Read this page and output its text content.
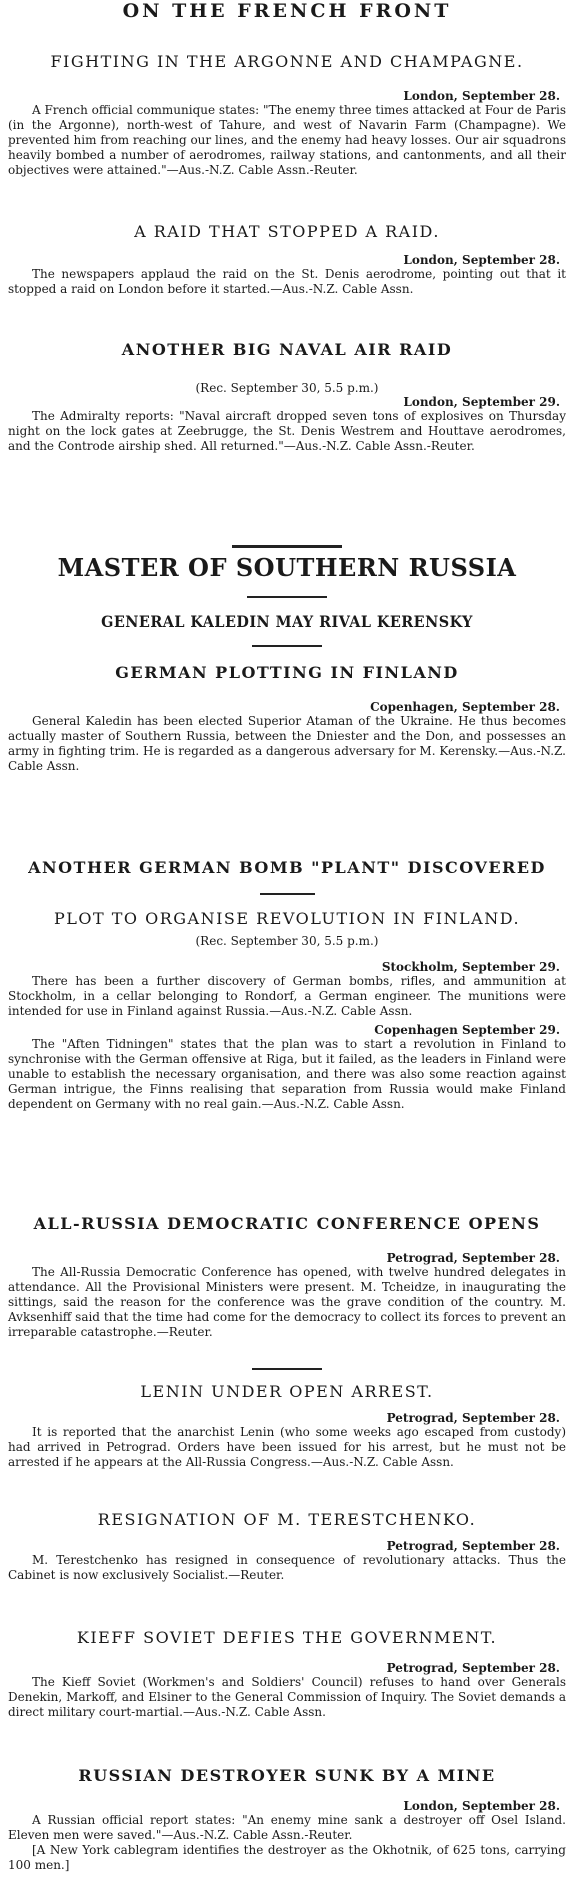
ON THE FRENCH FRONT

FIGHTING IN THE ARGONNE AND CHAMPAGNE.

London, September 28.

A French official communique states: "The enemy three times attacked at Four de Paris (in the Argonne), north-west of Tahure, and west of Navarin Farm (Champagne). We prevented him from reaching our lines, and the enemy had heavy losses. Our air squadrons heavily bombed a number of aerodromes, railway stations, and cantonments, and all their objectives were attained."—Aus.-N.Z. Cable Assn.-Reuter.

A RAID THAT STOPPED A RAID.

London, September 28.

The newspapers applaud the raid on the St. Denis aerodrome, pointing out that it stopped a raid on London before it started.—Aus.-N.Z. Cable Assn.

ANOTHER BIG NAVAL AIR RAID

(Rec. September 30, 5.5 p.m.)

London, September 29.

The Admiralty reports: "Naval aircraft dropped seven tons of explosives on Thursday night on the lock gates at Zeebrugge, the St. Denis Westrem and Houttave aerodromes, and the Controde airship shed. All returned."—Aus.-N.Z. Cable Assn.-Reuter.

MASTER OF SOUTHERN RUSSIA

GENERAL KALEDIN MAY RIVAL KERENSKY

GERMAN PLOTTING IN FINLAND

Copenhagen, September 28.

General Kaledin has been elected Superior Ataman of the Ukraine. He thus becomes actually master of Southern Russia, between the Dniester and the Don, and possesses an army in fighting trim. He is regarded as a dangerous adversary for M. Kerensky.—Aus.-N.Z. Cable Assn.

ANOTHER GERMAN BOMB "PLANT" DISCOVERED

PLOT TO ORGANISE REVOLUTION IN FINLAND.

(Rec. September 30, 5.5 p.m.)

Stockholm, September 29.

There has been a further discovery of German bombs, rifles, and ammunition at Stockholm, in a cellar belonging to Rondorf, a German engineer. The munitions were intended for use in Finland against Russia.—Aus.-N.Z. Cable Assn.

Copenhagen September 29.

The "Aften Tidningen" states that the plan was to start a revolution in Finland to synchronise with the German offensive at Riga, but it failed, as the leaders in Finland were unable to establish the necessary organisation, and there was also some reaction against German intrigue, the Finns realising that separation from Russia would make Finland dependent on Germany with no real gain.—Aus.-N.Z. Cable Assn.

ALL-RUSSIA DEMOCRATIC CONFERENCE OPENS

Petrograd, September 28.

The All-Russia Democratic Conference has opened, with twelve hundred delegates in attendance. All the Provisional Ministers were present. M. Tcheidze, in inaugurating the sittings, said the reason for the conference was the grave condition of the country. M. Avksenhiff said that the time had come for the democracy to collect its forces to prevent an irreparable catastrophe.—Reuter.

LENIN UNDER OPEN ARREST.

Petrograd, September 28.

It is reported that the anarchist Lenin (who some weeks ago escaped from custody) had arrived in Petrograd. Orders have been issued for his arrest, but he must not be arrested if he appears at the All-Russia Congress.—Aus.-N.Z. Cable Assn.

RESIGNATION OF M. TERESTCHENKO.

Petrograd, September 28.

M. Terestchenko has resigned in consequence of revolutionary attacks. Thus the Cabinet is now exclusively Socialist.—Reuter.

KIEFF SOVIET DEFIES THE GOVERNMENT.

Petrograd, September 28.

The Kieff Soviet (Workmen's and Soldiers' Council) refuses to hand over Generals Denekin, Markoff, and Elsiner to the General Commission of Inquiry. The Soviet demands a direct military court-martial.—Aus.-N.Z. Cable Assn.

RUSSIAN DESTROYER SUNK BY A MINE

London, September 28.

A Russian official report states: "An enemy mine sank a destroyer off Osel Island. Eleven men were saved."—Aus.-N.Z. Cable Assn.-Reuter.

[A New York cablegram identifies the destroyer as the Okhotnik, of 625 tons, carrying 100 men.]
